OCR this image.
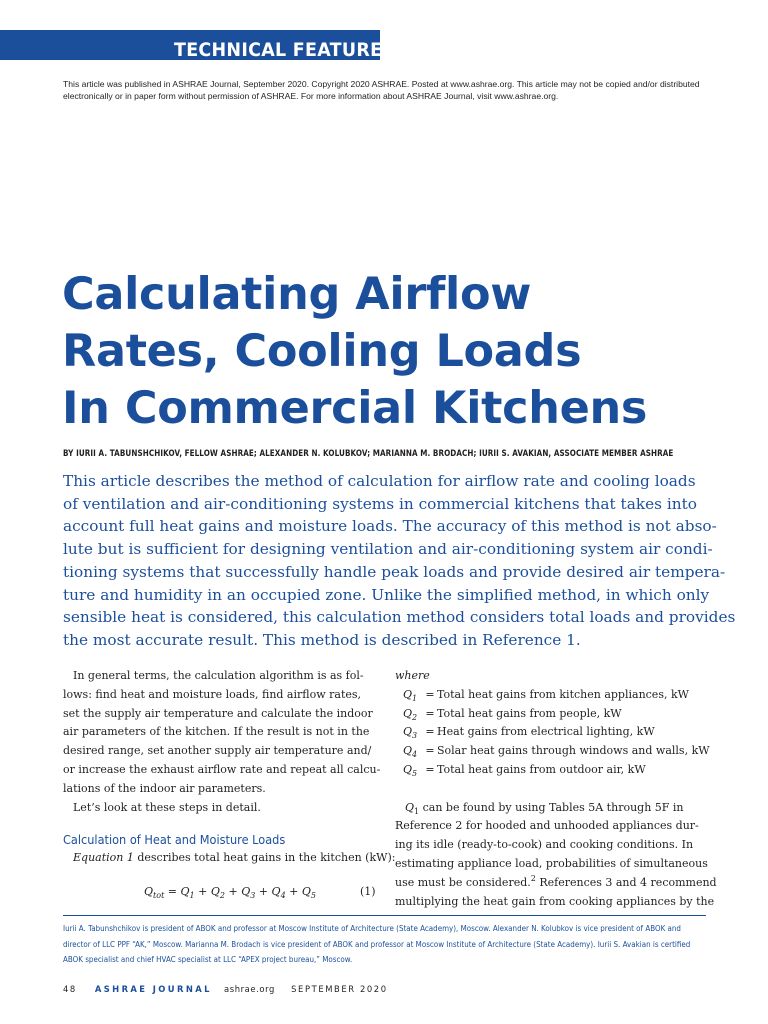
TECHNICAL FEATURE
This article was published in ASHRAE Journal, September 2020. Copyright 2020 ASHRAE. Posted at www.ashrae.org. This article may not be copied and/or distributed
electronically or in paper form without permission of ASHRAE. For more information about ASHRAE Journal, visit www.ashrae.org.
Calculating Airflow
Rates, Cooling Loads
In Commercial Kitchens
BY IURII A. TABUNSHCHIKOV, FELLOW ASHRAE; ALEXANDER N. KOLUBKOV; MARIANNA M. BRODACH; IURII S. AVAKIAN, ASSOCIATE MEMBER ASHRAE
This article describes the method of calculation for airflow rate and cooling loads
of ventilation and air-conditioning systems in commercial kitchens that takes into
account full heat gains and moisture loads. The accuracy of this method is not abso-
lute but is sufficient for designing ventilation and air-conditioning system air condi-
tioning systems that successfully handle peak loads and provide desired air tempera-
ture and humidity in an occupied zone. Unlike the simplified method, in which only
sensible heat is considered, this calculation method considers total loads and provides
the most accurate result. This method is described in Reference 1.
In general terms, the calculation algorithm is as fol-
lows: find heat and moisture loads, find airflow rates,
set the supply air temperature and calculate the indoor
air parameters of the kitchen. If the result is not in the
desired range, set another supply air temperature and/
or increase the exhaust airflow rate and repeat all calcu-
lations of the indoor air parameters.
Let’s look at these steps in detail.
Calculation of Heat and Moisture Loads
Equation 1 describes total heat gains in the kitchen (kW):
$Q_{tot} = Q_1 + Q_2 + Q_3 + Q_4 + Q_5$	(1)
where
$Q_1$ = Total heat gains from kitchen appliances, kW
$Q_2$ = Total heat gains from people, kW
$Q_3$ = Heat gains from electrical lighting, kW
$Q_4$ = Solar heat gains through windows and walls, kW
$Q_5$ = Total heat gains from outdoor air, kW
$Q_1$ can be found by using Tables 5A through 5F in
Reference 2 for hooded and unhooded appliances dur-
ing its idle (ready-to-cook) and cooking conditions. In
estimating appliance load, probabilities of simultaneous
use must be considered.$^2$ References 3 and 4 recommend
multiplying the heat gain from cooking appliances by the
Iurii A. Tabunshchikov is president of ABOK and professor at Moscow Institute of Architecture (State Academy), Moscow. Alexander N. Kolubkov is vice president of ABOK and
director of LLC PPF “AK,” Moscow. Marianna M. Brodach is vice president of ABOK and professor at Moscow Institute of Architecture (State Academy). Iurii S. Avakian is certified
ABOK specialist and chief HVAC specialist at LLC “APEX project bureau,” Moscow.
48 ASHRAE JOURNAL ashrae.org SEPTEMBER 2020
